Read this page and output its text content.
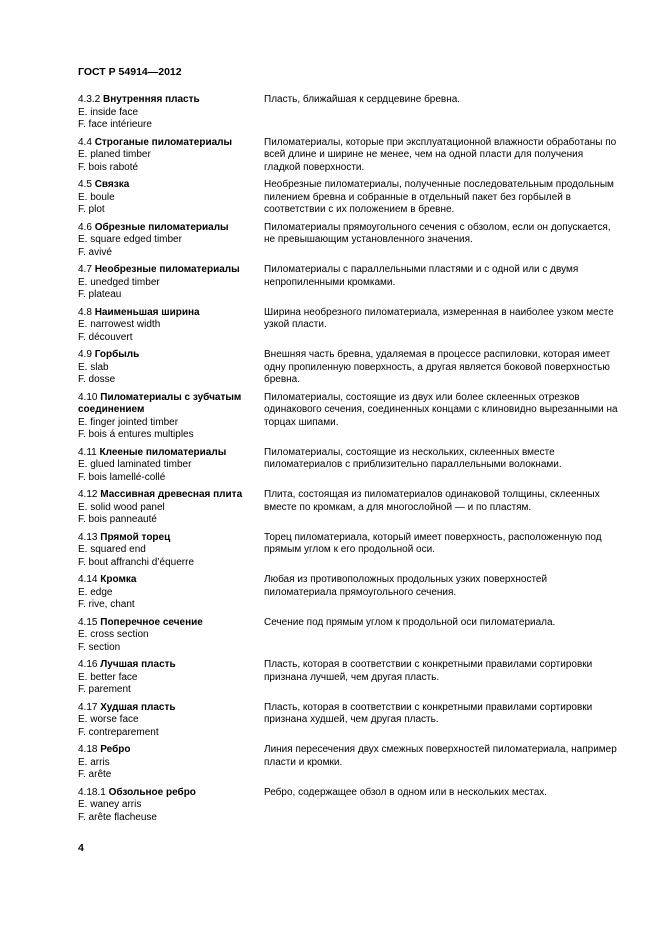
ГОСТ Р 54914—2012
4.3.2 Внутренняя пласть
E. inside face
F. face intérieure
Пласть, ближайшая к сердцевине бревна.
4.4 Строганые пиломатериалы
E. planed timber
F. bois raboté
Пиломатериалы, которые при эксплуатационной влажности обработаны по всей длине и ширине не менее, чем на одной пласти для получения гладкой поверхности.
4.5 Связка
E. boule
F. plot
Необрезные пиломатериалы, полученные последовательным продольным пилением бревна и собранные в отдельный пакет без горбылей в соответствии с их положением в бревне.
4.6 Обрезные пиломатериалы
E. square edged timber
F. avivé
Пиломатериалы прямоугольного сечения с обзолом, если он допускается, не превышающим установленного значения.
4.7 Необрезные пиломатериалы
E. unedged timber
F. plateau
Пиломатериалы с параллельными пластями и с одной или с двумя непропиленными кромками.
4.8 Наименьшая ширина
E. narrowest width
F. découvert
Ширина необрезного пиломатериала, измеренная в наиболее узком месте узкой пласти.
4.9 Горбыль
E. slab
F. dosse
Внешняя часть бревна, удаляемая в процессе распиловки, которая имеет одну пропиленную поверхность, а другая является боковой поверхностью бревна.
4.10 Пиломатериалы с зубчатым соединением
E. finger jointed timber
F. bois á entures multiples
Пиломатериалы, состоящие из двух или более склеенных отрезков одинакового сечения, соединенных концами с клиновидно вырезанными на торцах шипами.
4.11 Клееные пиломатериалы
E. glued laminated timber
F. bois lamellé-collé
Пиломатериалы, состоящие из нескольких, склеенных вместе пиломатериалов с приблизительно параллельными волокнами.
4.12 Массивная древесная плита
E. solid wood panel
F. bois panneauté
Плита, состоящая из пиломатериалов одинаковой толщины, склеенных вместе по кромкам, а для многослойной — и по пластям.
4.13 Прямой торец
E. squared end
F. bout affranchi d’équerre
Торец пиломатериала, который имеет поверхность, расположенную под прямым углом к его продольной оси.
4.14 Кромка
E. edge
F. rive, chant
Любая из противоположных продольных узких поверхностей пиломатериала прямоугольного сечения.
4.15 Поперечное сечение
E. cross section
F. section
Сечение под прямым углом к продольной оси пиломатериала.
4.16 Лучшая пласть
E. better face
F. parement
Пласть, которая в соответствии с конкретными правилами сортировки признана лучшей, чем другая пласть.
4.17 Худшая пласть
E. worse face
F. contreparement
Пласть, которая в соответствии с конкретными правилами сортировки признана худшей, чем другая пласть.
4.18 Ребро
E. arris
F. arête
Линия пересечения двух смежных поверхностей пиломатериала, например пласти и кромки.
4.18.1 Обзольное ребро
E. waney arris
F. arête flacheuse
Ребро, содержащее обзол в одном или в нескольких местах.
4
